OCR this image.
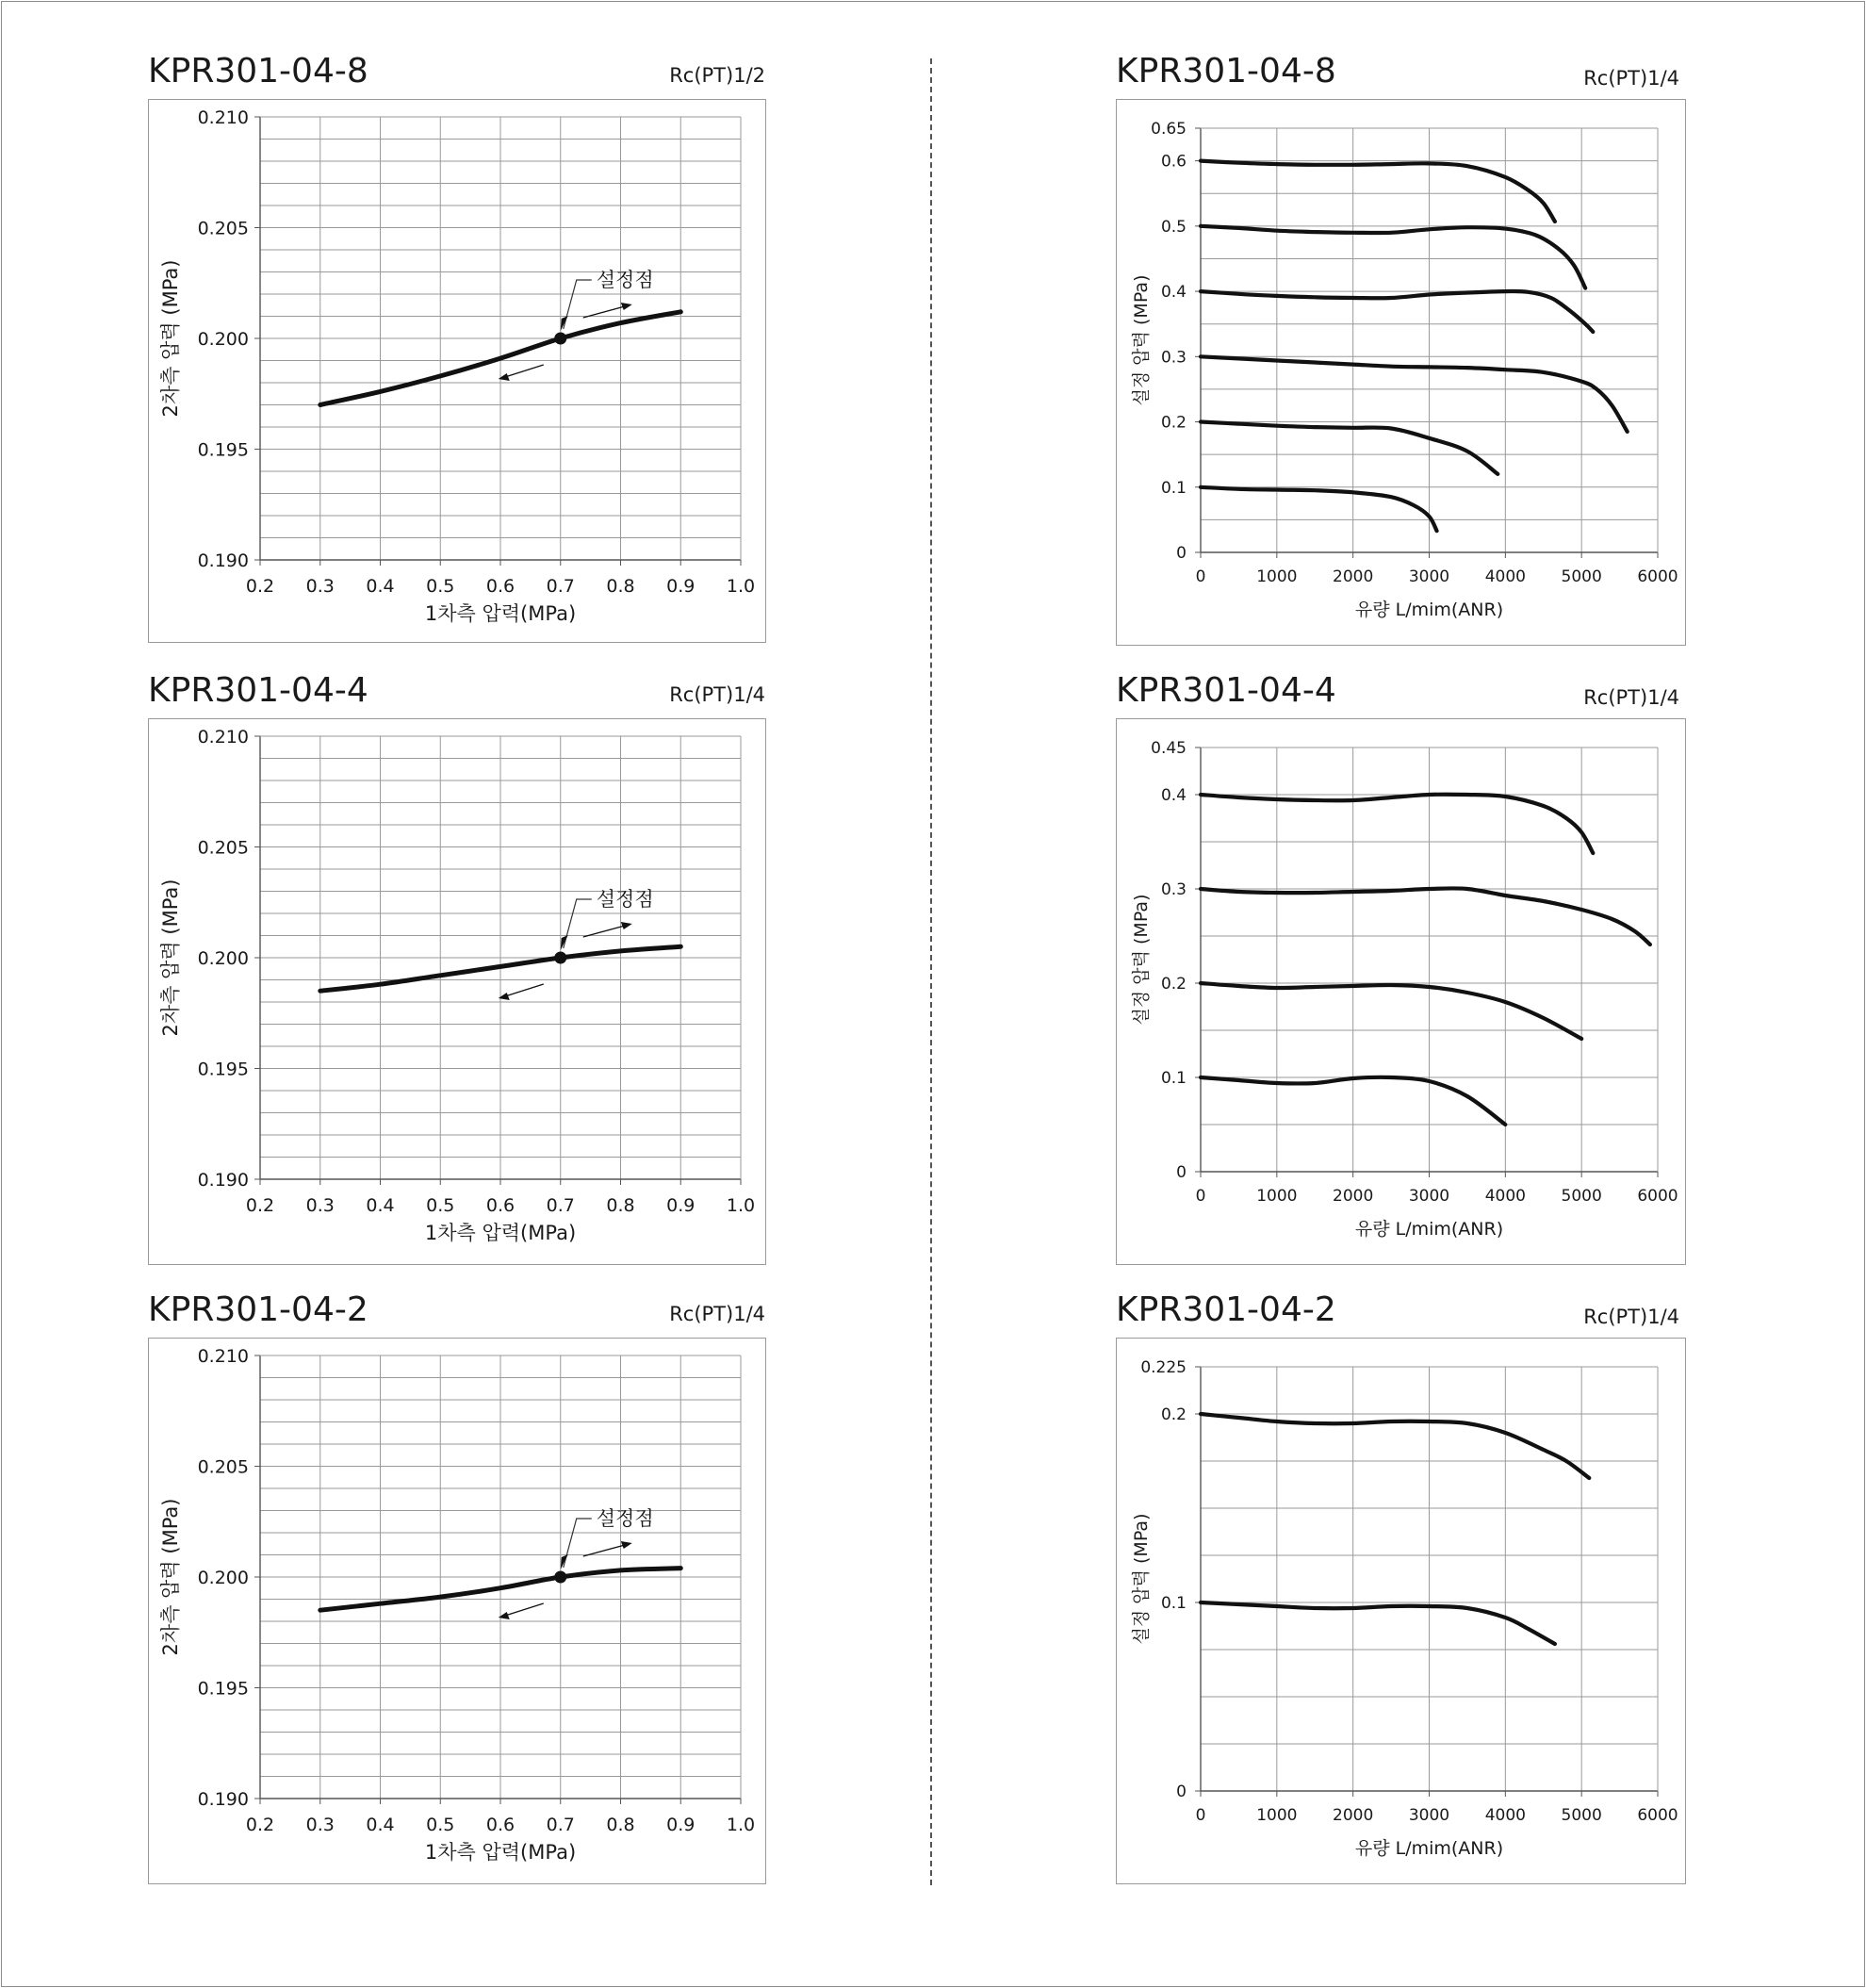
KPR301-04-8	Rc(PT)1/2
0.2 0.3 0.4 0.5 0.6 0.7 0.8 0.9 1.0
0.190
0.195
0.200
0.205
0.210
1차측 압력(MPa)
2차측 압력 (MPa)	설정점
KPR301-04-4	Rc(PT)1/4
0.2 0.3 0.4 0.5 0.6 0.7 0.8 0.9 1.0
0.190
0.195
0.200
0.205
0.210
1차측 압력(MPa)
2차측 압력 (MPa)	설정점
KPR301-04-2	Rc(PT)1/4
0.2 0.3 0.4 0.5 0.6 0.7 0.8 0.9 1.0
0.190
0.195
0.200
0.205
0.210
1차측 압력(MPa)
2차측 압력 (MPa)	설정점
KPR301-04-8	Rc(PT)1/4
0	1000 2000 3000 4000 5000 6000
0
0.1
0.2
0.3
0.4
0.5
0.6
0.65
유량 L/mim(ANR)
설정 압력 (MPa)
KPR301-04-4	Rc(PT)1/4
0	1000 2000 3000 4000 5000 6000
0
0.1
0.2
0.3
0.4
0.45
유량 L/mim(ANR)
설정 압력 (MPa)
KPR301-04-2	Rc(PT)1/4
0	1000 2000 3000 4000 5000 6000
0
0.1
0.2
0.225
유량 L/mim(ANR)
설정 압력 (MPa)
